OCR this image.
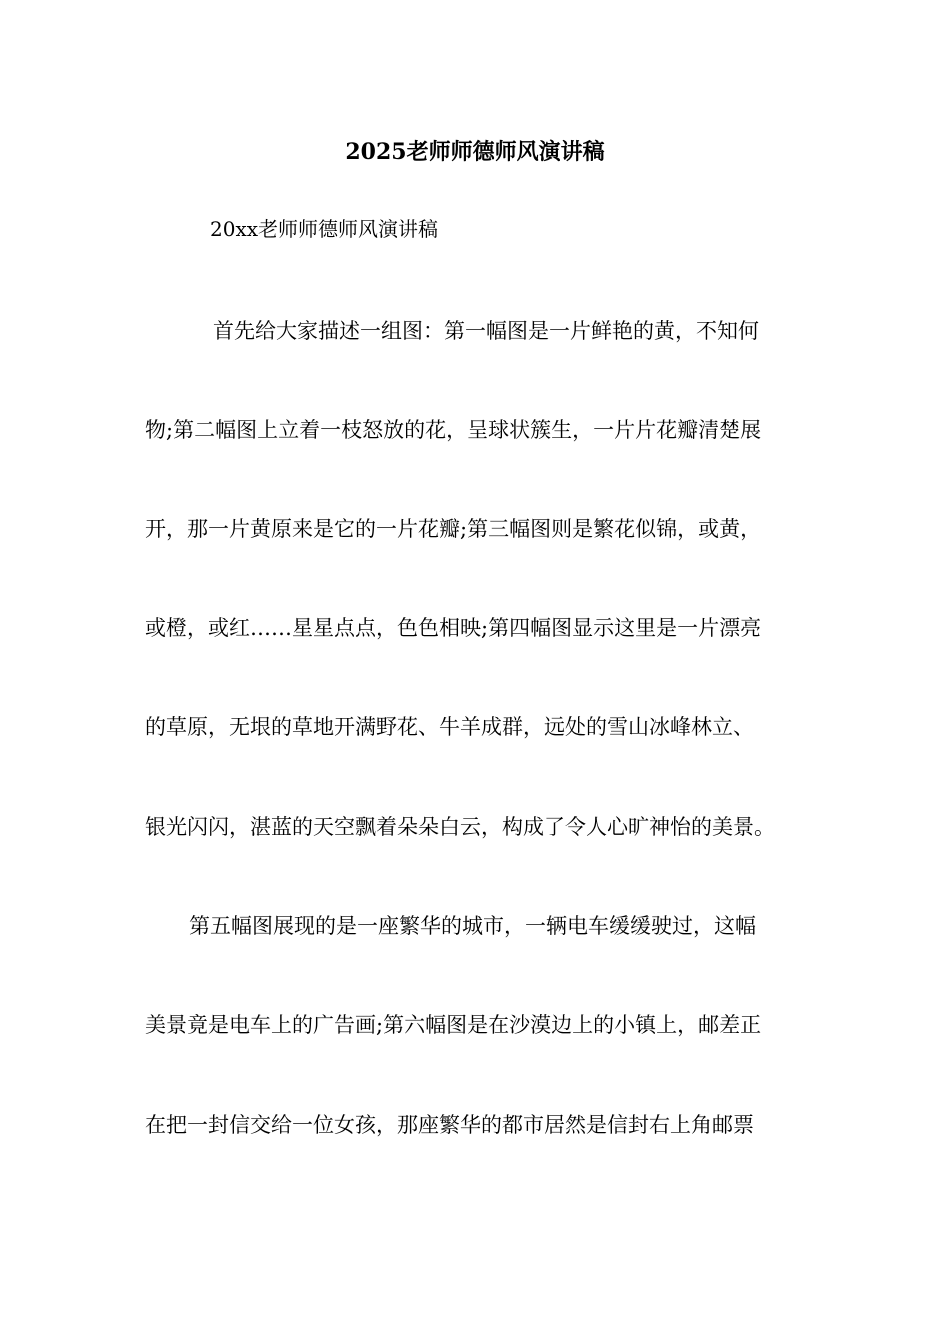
2025老师师德师风演讲稿
20xx老师师德师风演讲稿
首先给大家描述一组图：第一幅图是一片鲜艳的黄，不知何
物;第二幅图上立着一枝怒放的花，呈球状簇生，一片片花瓣清楚展
开，那一片黄原来是它的一片花瓣;第三幅图则是繁花似锦，或黄，
或橙，或红……星星点点，色色相映;第四幅图显示这里是一片漂亮
的草原，无垠的草地开满野花、牛羊成群，远处的雪山冰峰林立、
银光闪闪，湛蓝的天空飘着朵朵白云，构成了令人心旷神怡的美景。
第五幅图展现的是一座繁华的城市，一辆电车缓缓驶过，这幅
美景竟是电车上的广告画;第六幅图是在沙漠边上的小镇上，邮差正
在把一封信交给一位女孩，那座繁华的都市居然是信封右上角邮票
